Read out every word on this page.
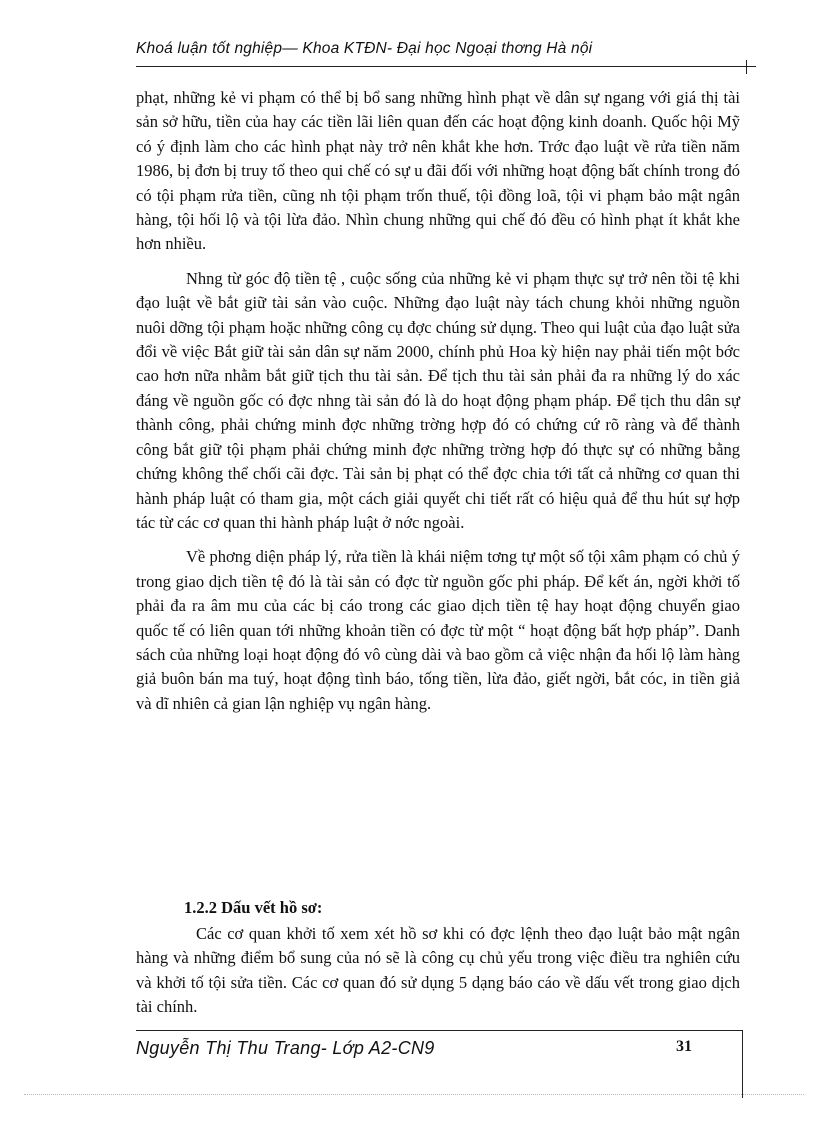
Khoá luận tốt nghiệp— Khoa KTĐN- Đại học Ngoại thơng Hà nội

phạt, những kẻ vi phạm có thể bị bổ sang những hình phạt về dân sự ngang với giá thị tài sản sở hữu, tiền của hay các tiền lãi liên quan đến các hoạt động kinh doanh. Quốc hội Mỹ có ý định làm cho các hình phạt này trở nên khắt khe hơn. Trớc đạo luật về rửa tiền năm 1986, bị đơn bị truy tố theo qui chế có sự u đãi đối với những hoạt động bất chính trong đó có tội phạm rửa tiền, cũng nh tội phạm trốn thuế, tội đồng loã, tội vi phạm bảo mật ngân hàng, tội hối lộ và tội lừa đảo. Nhìn chung những qui chế đó đều có hình phạt ít khắt khe hơn nhiều.

Nhng từ góc độ tiền tệ , cuộc sống của những kẻ vi phạm thực sự trở nên tồi tệ khi đạo luật về bắt giữ tài sản vào cuộc. Những đạo luật này tách chung khỏi những nguồn nuôi dỡng tội phạm hoặc những công cụ đợc chúng sử dụng. Theo qui luật của đạo luật sửa đổi về việc Bắt giữ tài sản dân sự năm 2000, chính phủ Hoa kỳ hiện nay phải tiến một bớc cao hơn nữa nhằm bắt giữ tịch thu tài sản. Để tịch thu tài sản phải đa ra những lý do xác đáng về nguồn gốc có đợc nhng tài sản đó là do hoạt động phạm pháp. Để tịch thu dân sự thành công, phải chứng minh đợc những trờng hợp đó có chứng cứ rõ ràng và để thành công bắt giữ tội phạm phải chứng minh đợc những trờng hợp đó thực sự có những bằng chứng không thể chối cãi đợc. Tài sản bị phạt có thể đợc chia tới tất cả những cơ quan thi hành pháp luật có tham gia, một cách giải quyết chi tiết rất có hiệu quả để thu hút sự hợp tác từ các cơ quan thi hành pháp luật ở nớc ngoài.

Về phơng diện pháp lý, rửa tiền là khái niệm tơng tự một số tội xâm phạm có chủ ý trong giao dịch tiền tệ đó là tài sản có đợc từ nguồn gốc phi pháp. Để kết án, ngời khởi tố phải đa ra âm mu của các bị cáo trong các giao dịch tiền tệ hay hoạt động chuyển giao quốc tế có liên quan tới những khoản tiền có đợc từ một “ hoạt động bất hợp pháp”. Danh sách của những loại hoạt động đó vô cùng dài và bao gồm cả việc nhận đa hối lộ làm hàng giả buôn bán ma tuý, hoạt động tình báo, tống tiền, lừa đảo, giết ngời, bắt cóc, in tiền giả và dĩ nhiên cả gian lận nghiệp vụ ngân hàng.

1.2.2 Dấu vết hồ sơ:

Các cơ quan khởi tố xem xét hồ sơ khi có đợc lệnh theo đạo luật bảo mật ngân hàng và những điểm bổ sung của nó sẽ là công cụ chủ yếu trong việc điều tra nghiên cứu và khởi tố tội sửa tiền. Các cơ quan đó sử dụng 5 dạng báo cáo về dấu vết trong giao dịch tài chính.

Nguyễn Thị Thu Trang- Lớp A2-CN9	31
